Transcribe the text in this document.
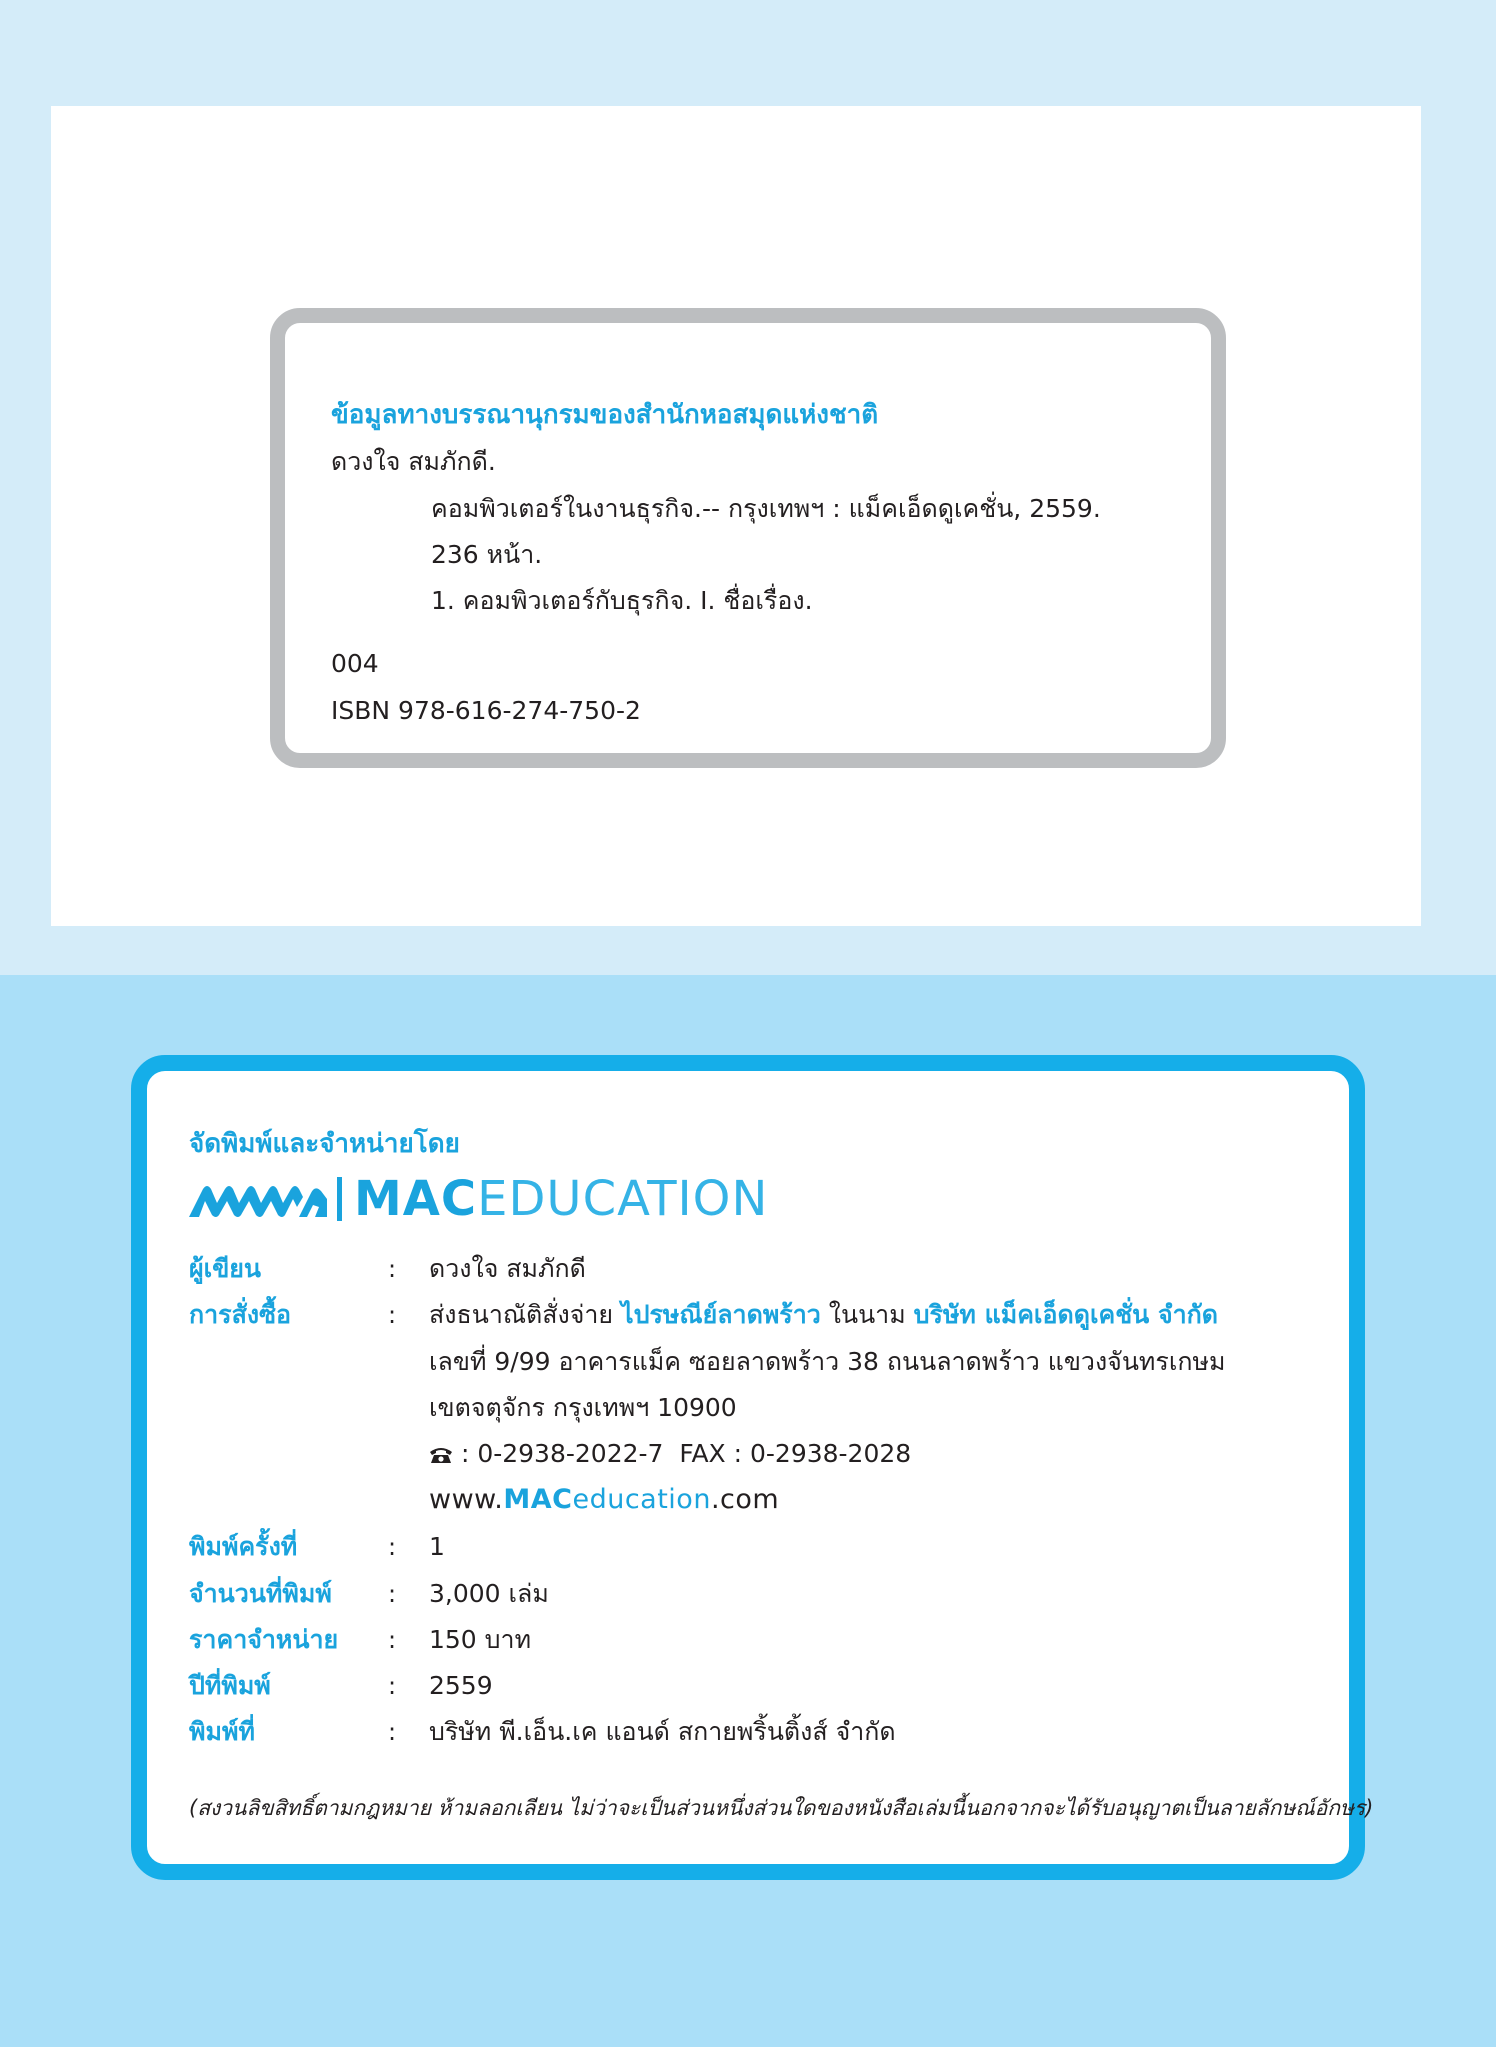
ข้อมูลทางบรรณานุกรมของสำนักหอสมุดแห่งชาติ
ดวงใจ สมภักดี.
คอมพิวเตอร์ในงานธุรกิจ.-- กรุงเทพฯ : แม็คเอ็ดดูเคชั่น, 2559.
236 หน้า.
1. คอมพิวเตอร์กับธุรกิจ. I. ชื่อเรื่อง.
004
ISBN 978-616-274-750-2
จัดพิมพ์และจำหน่ายโดย
MACEDUCATION
ผู้เขียน	: ดวงใจ สมภักดี
การสั่งซื้อ	: ส่งธนาณัติสั่งจ่าย ไปรษณีย์ลาดพร้าว ในนาม บริษัท แม็คเอ็ดดูเคชั่น จำกัด
เลขที่ 9/99 อาคารแม็ค ซอยลาดพร้าว 38 ถนนลาดพร้าว แขวงจันทรเกษม
เขตจตุจักร กรุงเทพฯ 10900
: 0-2938-2022-7 FAX : 0-2938-2028
www.MACeducation.com
พิมพ์ครั้งที่	: 1
จำนวนที่พิมพ์ : 3,000 เล่ม
ราคาจำหน่าย : 150 บาท
ปีที่พิมพ์	: 2559
พิมพ์ที่	: บริษัท พี.เอ็น.เค แอนด์ สกายพริ้นติ้งส์ จำกัด
(สงวนลิขสิทธิ์ตามกฎหมาย ห้ามลอกเลียน ไม่ว่าจะเป็นส่วนหนึ่งส่วนใดของหนังสือเล่มนี้นอกจากจะได้รับอนุญาตเป็นลายลักษณ์อักษร)
